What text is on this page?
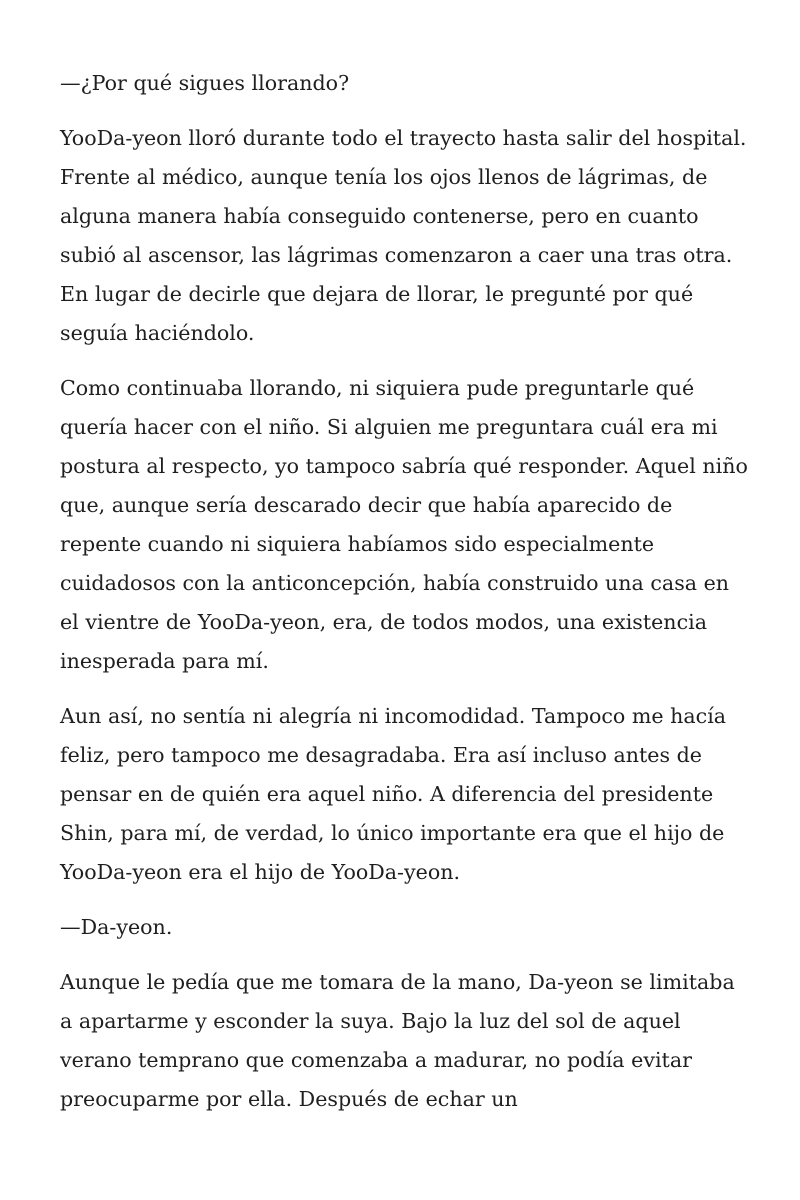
—¿Por qué sigues llorando?

YooDa-yeon lloró durante todo el trayecto hasta salir del hospital. Frente al médico, aunque tenía los ojos llenos de lágrimas, de alguna manera había conseguido contenerse, pero en cuanto subió al ascensor, las lágrimas comenzaron a caer una tras otra. En lugar de decirle que dejara de llorar, le pregunté por qué seguía haciéndolo.

Como continuaba llorando, ni siquiera pude preguntarle qué quería hacer con el niño. Si alguien me preguntara cuál era mi postura al respecto, yo tampoco sabría qué responder. Aquel niño que, aunque sería descarado decir que había aparecido de repente cuando ni siquiera habíamos sido especialmente cuidadosos con la anticoncepción, había construido una casa en el vientre de YooDa-yeon, era, de todos modos, una existencia inesperada para mí.

Aun así, no sentía ni alegría ni incomodidad. Tampoco me hacía feliz, pero tampoco me desagradaba. Era así incluso antes de pensar en de quién era aquel niño. A diferencia del presidente Shin, para mí, de verdad, lo único importante era que el hijo de YooDa-yeon era el hijo de YooDa-yeon.

—Da-yeon.

Aunque le pedía que me tomara de la mano, Da-yeon se limitaba a apartarme y esconder la suya. Bajo la luz del sol de aquel verano temprano que comenzaba a madurar, no podía evitar preocuparme por ella. Después de echar un
